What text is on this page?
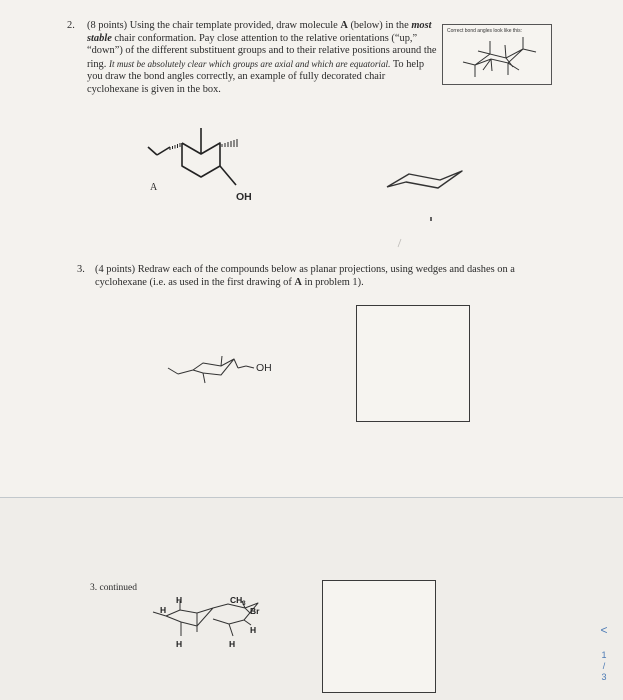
2. (8 points) Using the chair template provided, draw molecule A (below) in the most stable chair conformation. Pay close attention to the relative orientations (“up,” “down”) of the different substituent groups and to their relative positions around the ring. It must be absolutely clear which groups are axial and which are equatorial. To help you draw the bond angles correctly, an example of fully decorated chair cyclohexane is given in the box.
Correct bond angles look like this:
A
OH
3. (4 points) Redraw each of the compounds below as planar projections, using wedges and dashes on a cyclohexane (i.e. as used in the first drawing of A in problem 1).
OH
3. continued
H
H
H
$CH_3$
Br
H
H
<
1
/
3
